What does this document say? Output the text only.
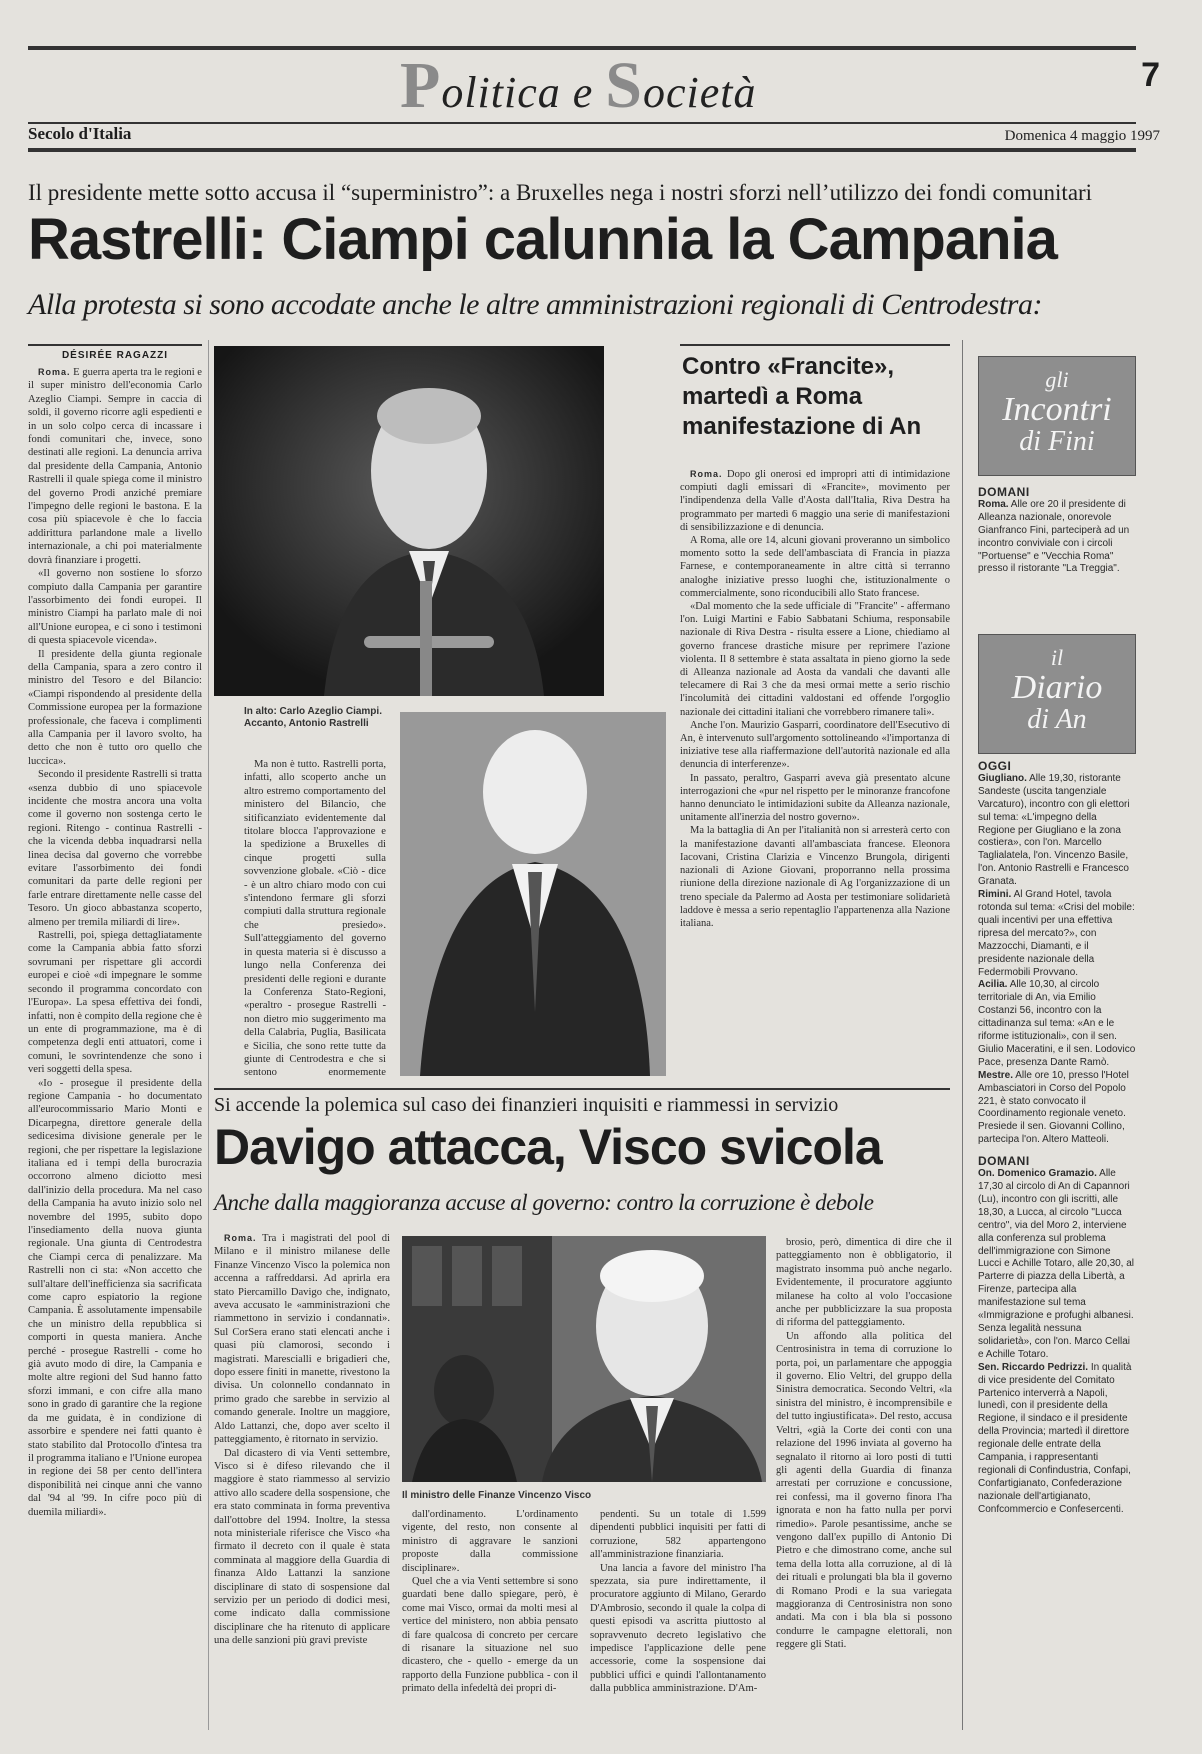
Politica e Società	7
Secolo d'Italia	Domenica 4 maggio 1997
Il presidente mette sotto accusa il “superministro”: a Bruxelles nega i nostri sforzi nell’utilizzo dei fondi comunitari
Rastrelli: Ciampi calunnia la Campania
Alla protesta si sono accodate anche le altre amministrazioni regionali di Centrodestra:
DÉSIRÉE RAGAZZI

Roma. E guerra aperta tra le regioni e il super ministro dell'economia Carlo Azeglio Ciampi. Sempre in caccia di soldi, il governo ricorre agli espedienti e in un solo colpo cerca di incassare i fondi comunitari che, invece, sono destinati alle regioni. La denuncia arriva dal presidente della Campania, Antonio Rastrelli il quale spiega come il ministro del governo Prodi anziché premiare l'impegno delle regioni le bastona. E la cosa più spiacevole è che lo faccia addirittura parlandone male a livello internazionale, a chi poi materialmente dovrà finanziare i progetti.

«Il governo non sostiene lo sforzo compiuto dalla Campania per garantire l'assorbimento dei fondi europei. Il ministro Ciampi ha parlato male di noi all'Unione europea, e ci sono i testimoni di questa spiacevole vicenda».

Il presidente della giunta regionale della Campania, spara a zero contro il ministro del Tesoro e del Bilancio: «Ciampi rispondendo al presidente della Commissione europea per la formazione professionale, che faceva i complimenti alla Campania per il lavoro svolto, ha detto che non è tutto oro quello che luccica».

Secondo il presidente Rastrelli si tratta «senza dubbio di uno spiacevole incidente che mostra ancora una volta come il governo non sostenga certo le regioni. Ritengo - continua Rastrelli - che la vicenda debba inquadrarsi nella linea decisa dal governo che vorrebbe evitare l'assorbimento dei fondi comunitari da parte delle regioni per farle entrare direttamente nelle casse del Tesoro. Un gioco abbastanza scoperto, almeno per tremila miliardi di lire».

Rastrelli, poi, spiega dettagliatamente come la Campania abbia fatto sforzi sovrumani per rispettare gli accordi europei e cioè «di impegnare le somme secondo il programma concordato con l'Europa». La spesa effettiva dei fondi, infatti, non è compito della regione che è un ente di programmazione, ma è di competenza degli enti attuatori, come i comuni, le sovrintendenze che sono i veri soggetti della spesa.

«Io - prosegue il presidente della regione Campania - ho documentato all'eurocommissario Mario Monti e Dicarpegna, direttore generale della sedicesima divisione generale per le regioni, che per rispettare la legislazione italiana ed i tempi della burocrazia occorrono almeno diciotto mesi dall'inizio della procedura. Ma nel caso della Campania ha avuto inizio solo nel novembre del 1995, subito dopo l'insediamento della nuova giunta regionale. Una giunta di Centrodestra che Ciampi cerca di penalizzare. Ma Rastrelli non ci sta: «Non accetto che sull'altare dell'inefficienza sia sacrificata come capro espiatorio la regione Campania. È assolutamente impensabile che un ministro della repubblica si comporti in questa maniera. Anche perché - prosegue Rastrelli - come ho già avuto modo di dire, la Campania e molte altre regioni del Sud hanno fatto sforzi immani, e con cifre alla mano sono in grado di garantire che la regione da me guidata, è in condizione di assorbire e spendere nei fatti quanto è stato stabilito dal Protocollo d'intesa tra il programma italiano e l'Unione europea in regione dei 58 per cento dell'intera disponibilità nei cinque anni che vanno dal '94 al '99. In cifre poco più di duemila miliardi».

In alto: Carlo Azeglio Ciampi. Accanto, Antonio Rastrelli

Ma non è tutto. Rastrelli porta, infatti, allo scoperto anche un altro estremo comportamento del ministero del Bilancio, che sitificanziato evidentemente dal titolare blocca l'approvazione e la spedizione a Bruxelles di cinque progetti sulla sovvenzione globale. «Ciò - dice - è un altro chiaro modo con cui s'intendono fermare gli sforzi compiuti dalla struttura regionale che presiedo». Sull'atteggiamento del governo in questa materia si è discusso a lungo nella Conferenza dei presidenti delle regioni e durante la Conferenza Stato-Regioni, «peraltro - prosegue Rastrelli - non dietro mio suggerimento ma della Calabria, Puglia, Basilicata e Sicilia, che sono rette tutte da giunte di Centrodestra e che si sentono enormemente

Contro «Francite»,
martedì a Roma
manifestazione di An

Roma. Dopo gli onerosi ed impropri atti di intimidazione compiuti dagli emissari di «Francite», movimento per l'indipendenza della Valle d'Aosta dall'Italia, Riva Destra ha programmato per martedì 6 maggio una serie di manifestazioni di sensibilizzazione e di denuncia.

A Roma, alle ore 14, alcuni giovani proveranno un simbolico momento sotto la sede dell'ambasciata di Francia in piazza Farnese, e contemporaneamente in altre città si terranno analoghe iniziative presso luoghi che, istituzionalmente o commercialmente, sono riconducibili allo Stato francese.

«Dal momento che la sede ufficiale di "Francite" - affermano l'on. Luigi Martini e Fabio Sabbatani Schiuma, responsabile nazionale di Riva Destra - risulta essere a Lione, chiediamo al governo francese drastiche misure per reprimere l'azione violenta. Il 8 settembre è stata assaltata in pieno giorno la sede di Alleanza nazionale ad Aosta da vandali che davanti alle telecamere di Rai 3 che da mesi ormai mette a serio rischio l'incolumità dei cittadini valdostani ed offende l'orgoglio nazionale dei cittadini italiani che vorrebbero rimanere tali».

Anche l'on. Maurizio Gasparri, coordinatore dell'Esecutivo di An, è intervenuto sull'argomento sottolineando «l'importanza di iniziative tese alla riaffermazione dell'autorità nazionale ed alla denuncia di interferenze».

In passato, peraltro, Gasparri aveva già presentato alcune interrogazioni che «pur nel rispetto per le minoranze francofone hanno denunciato le intimidazioni subite da Alleanza nazionale, unitamente all'inerzia del nostro governo».

Ma la battaglia di An per l'italianità non si arresterà certo con la manifestazione davanti all'ambasciata francese. Eleonora Iacovani, Cristina Clarizia e Vincenzo Brungola, dirigenti nazionali di Azione Giovani, proporranno nella prossima riunione della direzione nazionale di Ag l'organizzazione di un treno speciale da Palermo ad Aosta per testimoniare solidarietà laddove è messa a serio repentaglio l'appartenenza alla Nazione italiana.

Si accende la polemica sul caso dei finanzieri inquisiti e riammessi in servizio
Davigo attacca, Visco svicola
Anche dalla maggioranza accuse al governo: contro la corruzione è debole

Roma. Tra i magistrati del pool di Milano e il ministro milanese delle Finanze Vincenzo Visco la polemica non accenna a raffreddarsi. Ad aprirla era stato Piercamillo Davigo che, indignato, aveva accusato le «amministrazioni che riammettono in servizio i condannati». Sul CorSera erano stati elencati anche i quasi più clamorosi, secondo i magistrati. Marescialli e brigadieri che, dopo essere finiti in manette, rivestono la divisa. Un colonnello condannato in primo grado che sarebbe in servizio al comando generale. Inoltre un maggiore, Aldo Lattanzi, che, dopo aver scelto il patteggiamento, è ritornato in servizio.

Dal dicastero di via Venti settembre, Visco si è difeso rilevando che il maggiore è stato riammesso al servizio attivo allo scadere della sospensione, che era stato comminata in forma preventiva dall'ottobre del 1994. Inoltre, la stessa nota ministeriale riferisce che Visco «ha firmato il decreto con il quale è stata comminata al maggiore della Guardia di finanza Aldo Lattanzi la sanzione disciplinare di stato di sospensione dal servizio per un periodo di dodici mesi, come indicato dalla commissione disciplinare che ha ritenuto di applicare una delle sanzioni più gravi previste

Il ministro delle Finanze Vincenzo Visco

dall'ordinamento. L'ordinamento vigente, del resto, non consente al ministro di aggravare le sanzioni proposte dalla commissione disciplinare».

Quel che a via Venti settembre si sono guardati bene dallo spiegare, però, è come mai Visco, ormai da molti mesi al vertice del ministero, non abbia pensato di fare qualcosa di concreto per cercare di risanare la situazione nel suo dicastero, che - quello - emerge da un rapporto della Funzione pubblica - con il primato della infedeltà dei propri di-

pendenti. Su un totale di 1.599 dipendenti pubblici inquisiti per fatti di corruzione, 582 appartengono all'amministrazione finanziaria.

Una lancia a favore del ministro l'ha spezzata, sia pure indirettamente, il procuratore aggiunto di Milano, Gerardo D'Ambrosio, secondo il quale la colpa di questi episodi va ascritta piuttosto al sopravvenuto decreto legislativo che impedisce l'applicazione delle pene accessorie, come la sospensione dai pubblici uffici e quindi l'allontanamento dalla pubblica amministrazione. D'Am-

brosio, però, dimentica di dire che il patteggiamento non è obbligatorio, il magistrato insomma può anche negarlo. Evidentemente, il procuratore aggiunto milanese ha colto al volo l'occasione anche per pubblicizzare la sua proposta di riforma del patteggiamento.

Un affondo alla politica del Centrosinistra in tema di corruzione lo porta, poi, un parlamentare che appoggia il governo. Elio Veltri, del gruppo della Sinistra democratica. Secondo Veltri, «la sinistra del ministro, è incomprensibile e del tutto ingiustificata». Del resto, accusa Veltri, «già la Corte dei conti con una relazione del 1996 inviata al governo ha segnalato il ritorno ai loro posti di tutti gli agenti della Guardia di finanza arrestati per corruzione e concussione, rei confessi, ma il governo finora l'ha ignorata e non ha fatto nulla per porvi rimedio». Parole pesantissime, anche se vengono dall'ex pupillo di Antonio Di Pietro e che dimostrano come, anche sul tema della lotta alla corruzione, al di là dei rituali e prolungati bla bla il governo di Romano Prodi e la sua variegata maggioranza di Centrosinistra non sono andati. Ma con i bla bla si possono condurre le campagne elettorali, non reggere gli Stati.

gli
Incontri
di Fini
DOMANI
Roma. Alle ore 20 il presidente di Alleanza nazionale, onorevole Gianfranco Fini, parteciperà ad un incontro conviviale con i circoli "Portuense" e "Vecchia Roma" presso il ristorante "La Treggia".
il
Diario
di An
OGGI
Giugliano. Alle 19,30, ristorante Sandeste (uscita tangenziale Varcaturo), incontro con gli elettori sul tema: «L'impegno della Regione per Giugliano e la zona costiera», con l'on. Marcello Taglialatela, l'on. Vincenzo Basile, l'on. Antonio Rastrelli e Francesco Granata.
Rimini. Al Grand Hotel, tavola rotonda sul tema: «Crisi del mobile: quali incentivi per una effettiva ripresa del mercato?», con Mazzocchi, Diamanti, e il presidente nazionale della Federmobili Provvano.
Acilia. Alle 10,30, al circolo territoriale di An, via Emilio Costanzi 56, incontro con la cittadinanza sul tema: «An e le riforme istituzionali», con il sen. Giulio Maceratini, e il sen. Lodovico Pace, presenza Dante Ramò.
Mestre. Alle ore 10, presso l'Hotel Ambasciatori in Corso del Popolo 221, è stato convocato il Coordinamento regionale veneto. Presiede il sen. Giovanni Collino, partecipa l'on. Altero Matteoli.
DOMANI
On. Domenico Gramazio. Alle 17,30 al circolo di An di Capannori (Lu), incontro con gli iscritti, alle 18,30, a Lucca, al circolo "Lucca centro", via del Moro 2, interviene alla conferenza sul problema dell'immigrazione con Simone Lucci e Achille Totaro, alle 20,30, al Parterre di piazza della Libertà, a Firenze, partecipa alla manifestazione sul tema «Immigrazione e profughi albanesi. Senza legalità nessuna solidarietà», con l'on. Marco Cellai e Achille Totaro.
Sen. Riccardo Pedrizzi. In qualità di vice presidente del Comitato Partenico interverrà a Napoli, lunedì, con il presidente della Regione, il sindaco e il presidente della Provincia; martedì il direttore regionale delle entrate della Campania, i rappresentanti regionali di Confindustria, Confapi, Confartigianato, Confederazione nazionale dell'artigianato, Confcommercio e Confesercenti.
